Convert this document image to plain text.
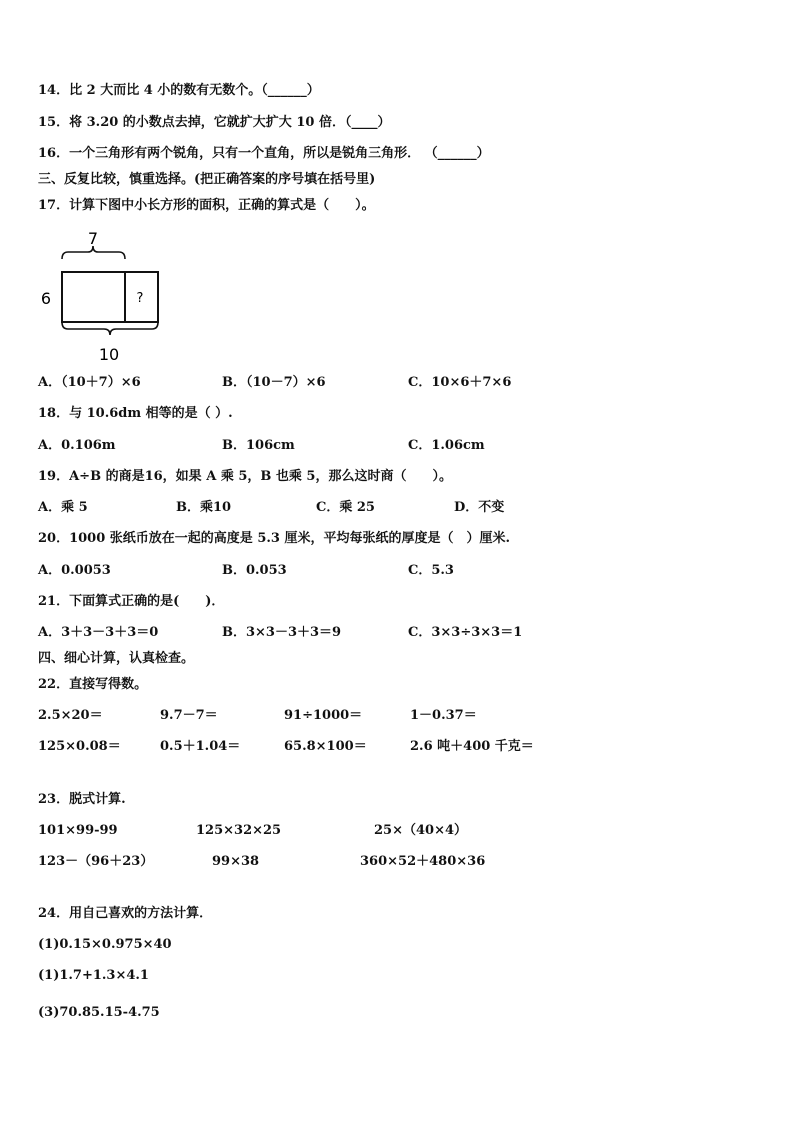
14．比 2 大而比 4 小的数有无数个。（______）
15．将 3.20 的小数点去掉，它就扩大扩大 10 倍．（____）
16．一个三角形有两个锐角，只有一个直角，所以是锐角三角形． （______）
三、反复比较，慎重选择。(把正确答案的序号填在括号里)
17．计算下图中小长方形的面积，正确的算式是（　　）。
7
?
6
10
A．（10＋7）×6	B．（10－7）×6	C．10×6＋7×6
18．与 10.6dm 相等的是（ ）.
A．0.106m	B．106cm	C．1.06cm
19．A÷B 的商是16，如果 A 乘 5，B 也乘 5，那么这时商（　　）。
A．乘 5	B．乘10	C．乘 25	D．不变
20．1000 张纸币放在一起的高度是 5.3 厘米，平均每张纸的厚度是（　）厘米.
A．0.0053	B．0.053	C．5.3
21．下面算式正确的是(　　)．
A．3＋3－3＋3＝0	B．3×3－3＋3＝9	C．3×3÷3×3＝1
四、细心计算，认真检查。
22．直接写得数。
2.5×20＝	9.7－7＝	91÷1000＝	1－0.37＝
125×0.08＝	0.5＋1.04＝	65.8×100＝	2.6 吨＋400 千克＝
23．脱式计算.
101×99-99	125×32×25	25×（40×4）
123－（96＋23）	99×38	360×52＋480×36
24．用自己喜欢的方法计算．
(1)0.15×0.975×40
(1)1.7+1.3×4.1
(3)70.85.15-4.75
